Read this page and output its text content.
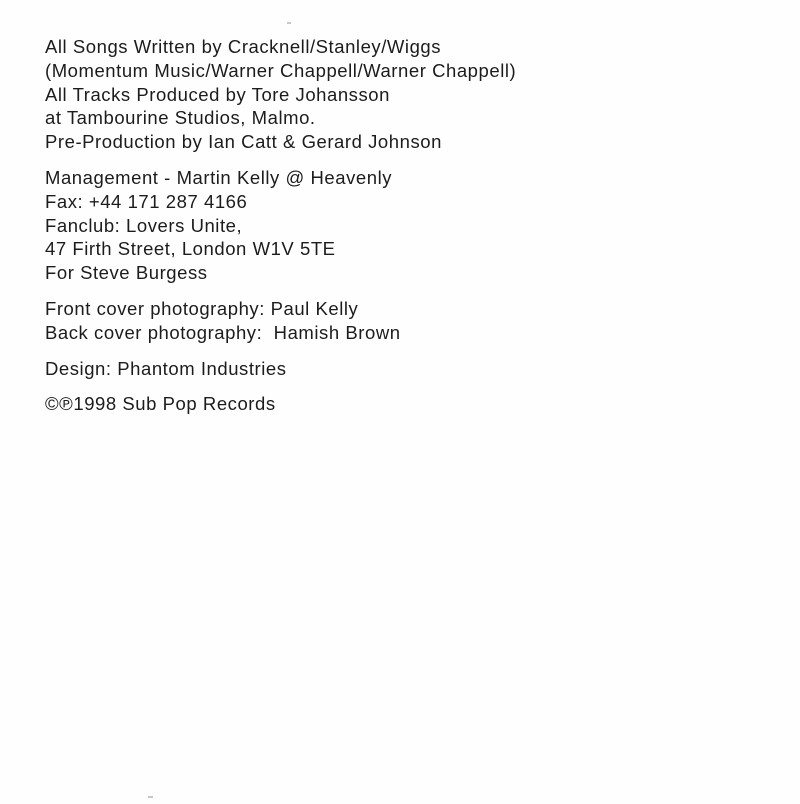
All Songs Written by Cracknell/Stanley/Wiggs
(Momentum Music/Warner Chappell/Warner Chappell)
All Tracks Produced by Tore Johansson
at Tambourine Studios, Malmo.
Pre-Production by Ian Catt & Gerard Johnson
Management - Martin Kelly @ Heavenly
Fax: +44 171 287 4166
Fanclub: Lovers Unite,
47 Firth Street, London W1V 5TE
For Steve Burgess
Front cover photography: Paul Kelly
Back cover photography:  Hamish Brown
Design: Phantom Industries
©℗1998 Sub Pop Records
